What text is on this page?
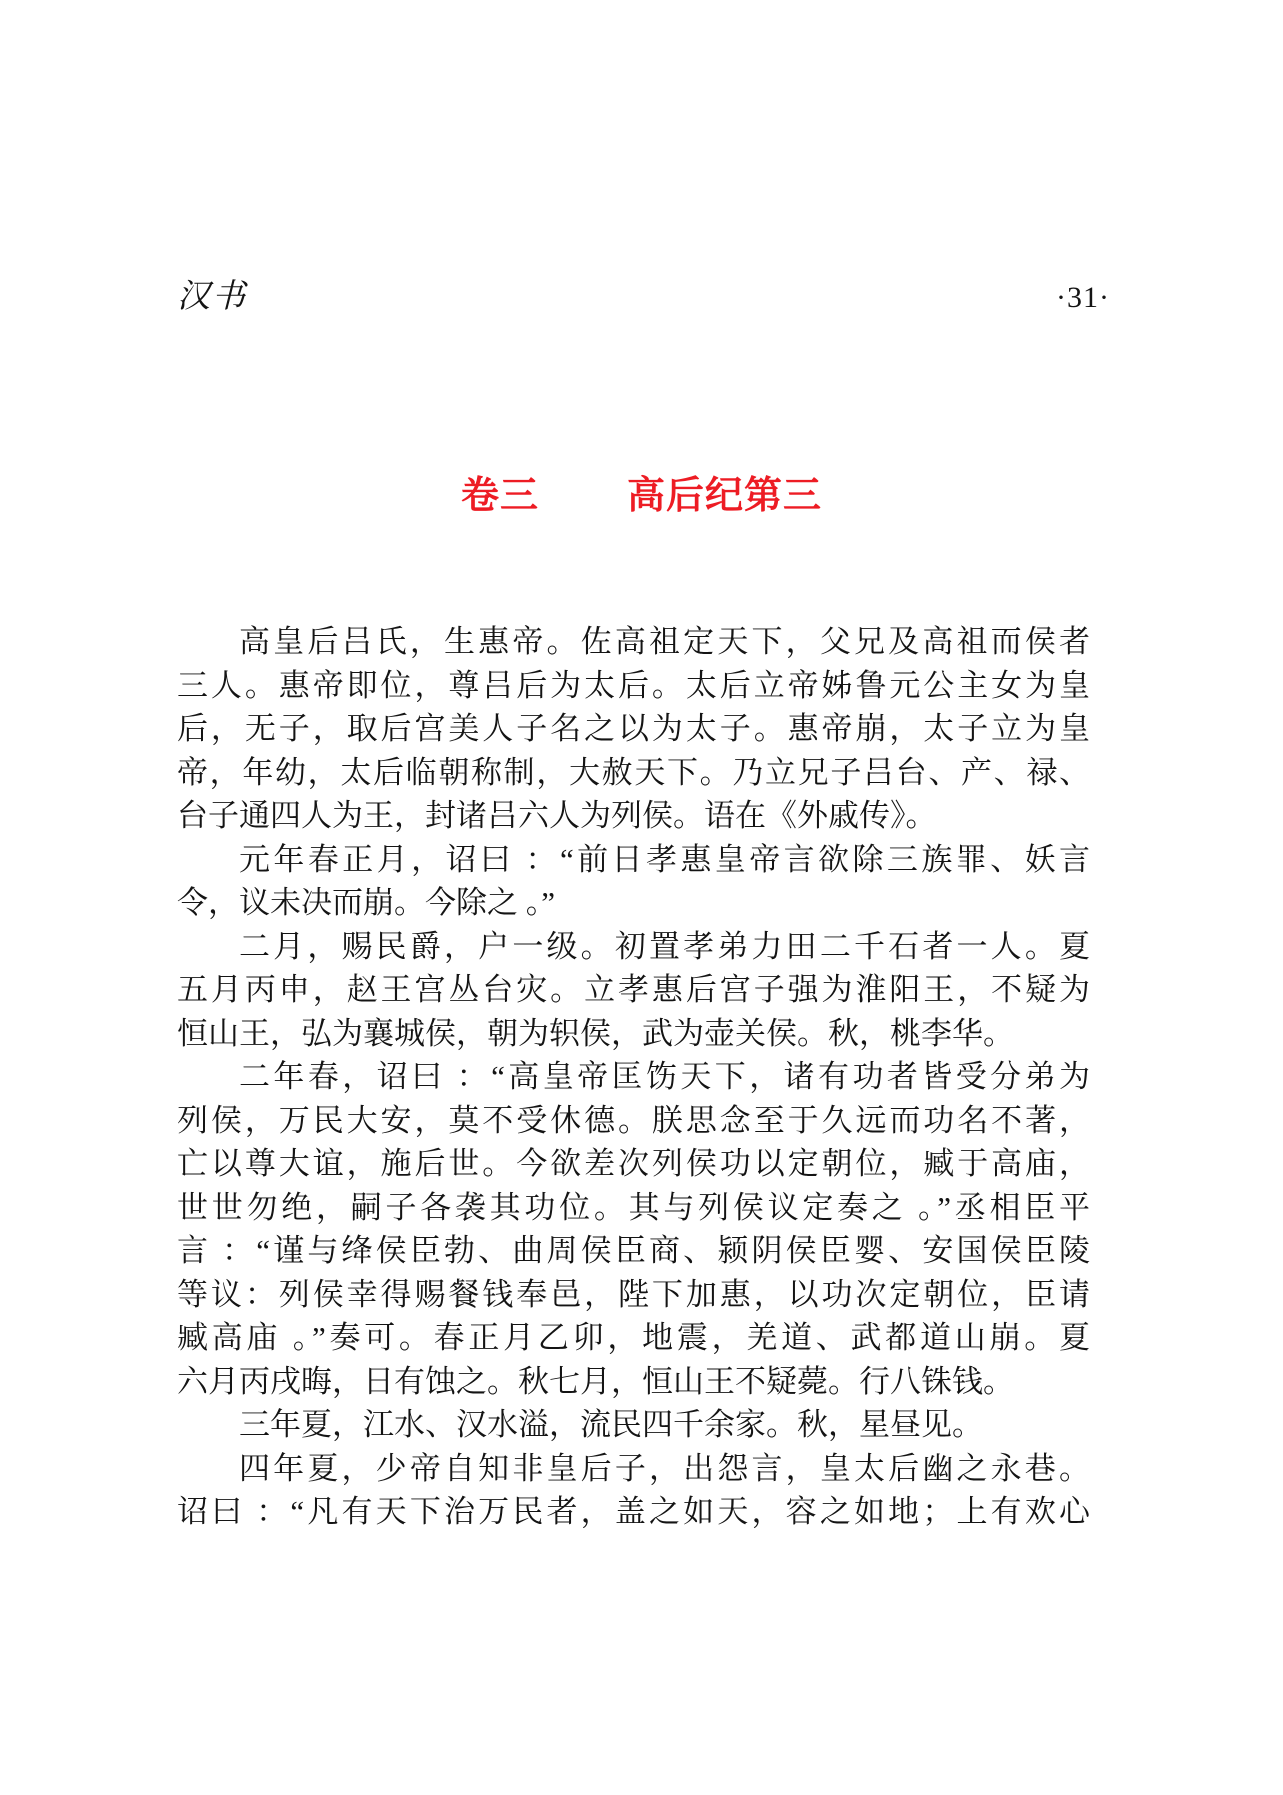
汉书	·31·
卷三 高后纪第三
高皇后吕氏，生惠帝。佐高祖定天下，父兄及高祖而侯者
三人。惠帝即位，尊吕后为太后。太后立帝姊鲁元公主女为皇
后，无子，取后宫美人子名之以为太子。惠帝崩，太子立为皇
帝，年幼，太后临朝称制，大赦天下。乃立兄子吕台、产、禄、
台子通四人为王，封诸吕六人为列侯。语在《外戚传》。
元年春正月，诏曰 ：“前日孝惠皇帝言欲除三族罪、妖言
令，议未决而崩。今除之 。”
二月，赐民爵，户一级。初置孝弟力田二千石者一人。夏
五月丙申，赵王宫丛台灾。立孝惠后宫子强为淮阳王，不疑为
恒山王，弘为襄城侯，朝为轵侯，武为壶关侯。秋，桃李华。
二年春，诏曰 ：“高皇帝匡饬天下，诸有功者皆受分弟为
列侯，万民大安，莫不受休德。朕思念至于久远而功名不著，
亡以尊大谊，施后世。今欲差次列侯功以定朝位，臧于高庙，
世世勿绝，嗣子各袭其功位。其与列侯议定奏之 。”丞相臣平
言 ：“谨与绛侯臣勃、曲周侯臣商、颍阴侯臣婴、安国侯臣陵
等议：列侯幸得赐餐钱奉邑，陛下加惠，以功次定朝位，臣请
臧高庙 。”奏可。春正月乙卯，地震，羌道、武都道山崩。夏
六月丙戌晦，日有蚀之。秋七月，恒山王不疑薨。行八铢钱。
三年夏，江水、汉水溢，流民四千余家。秋，星昼见。
四年夏，少帝自知非皇后子，出怨言，皇太后幽之永巷。
诏曰 ：“凡有天下治万民者，盖之如天，容之如地；上有欢心
